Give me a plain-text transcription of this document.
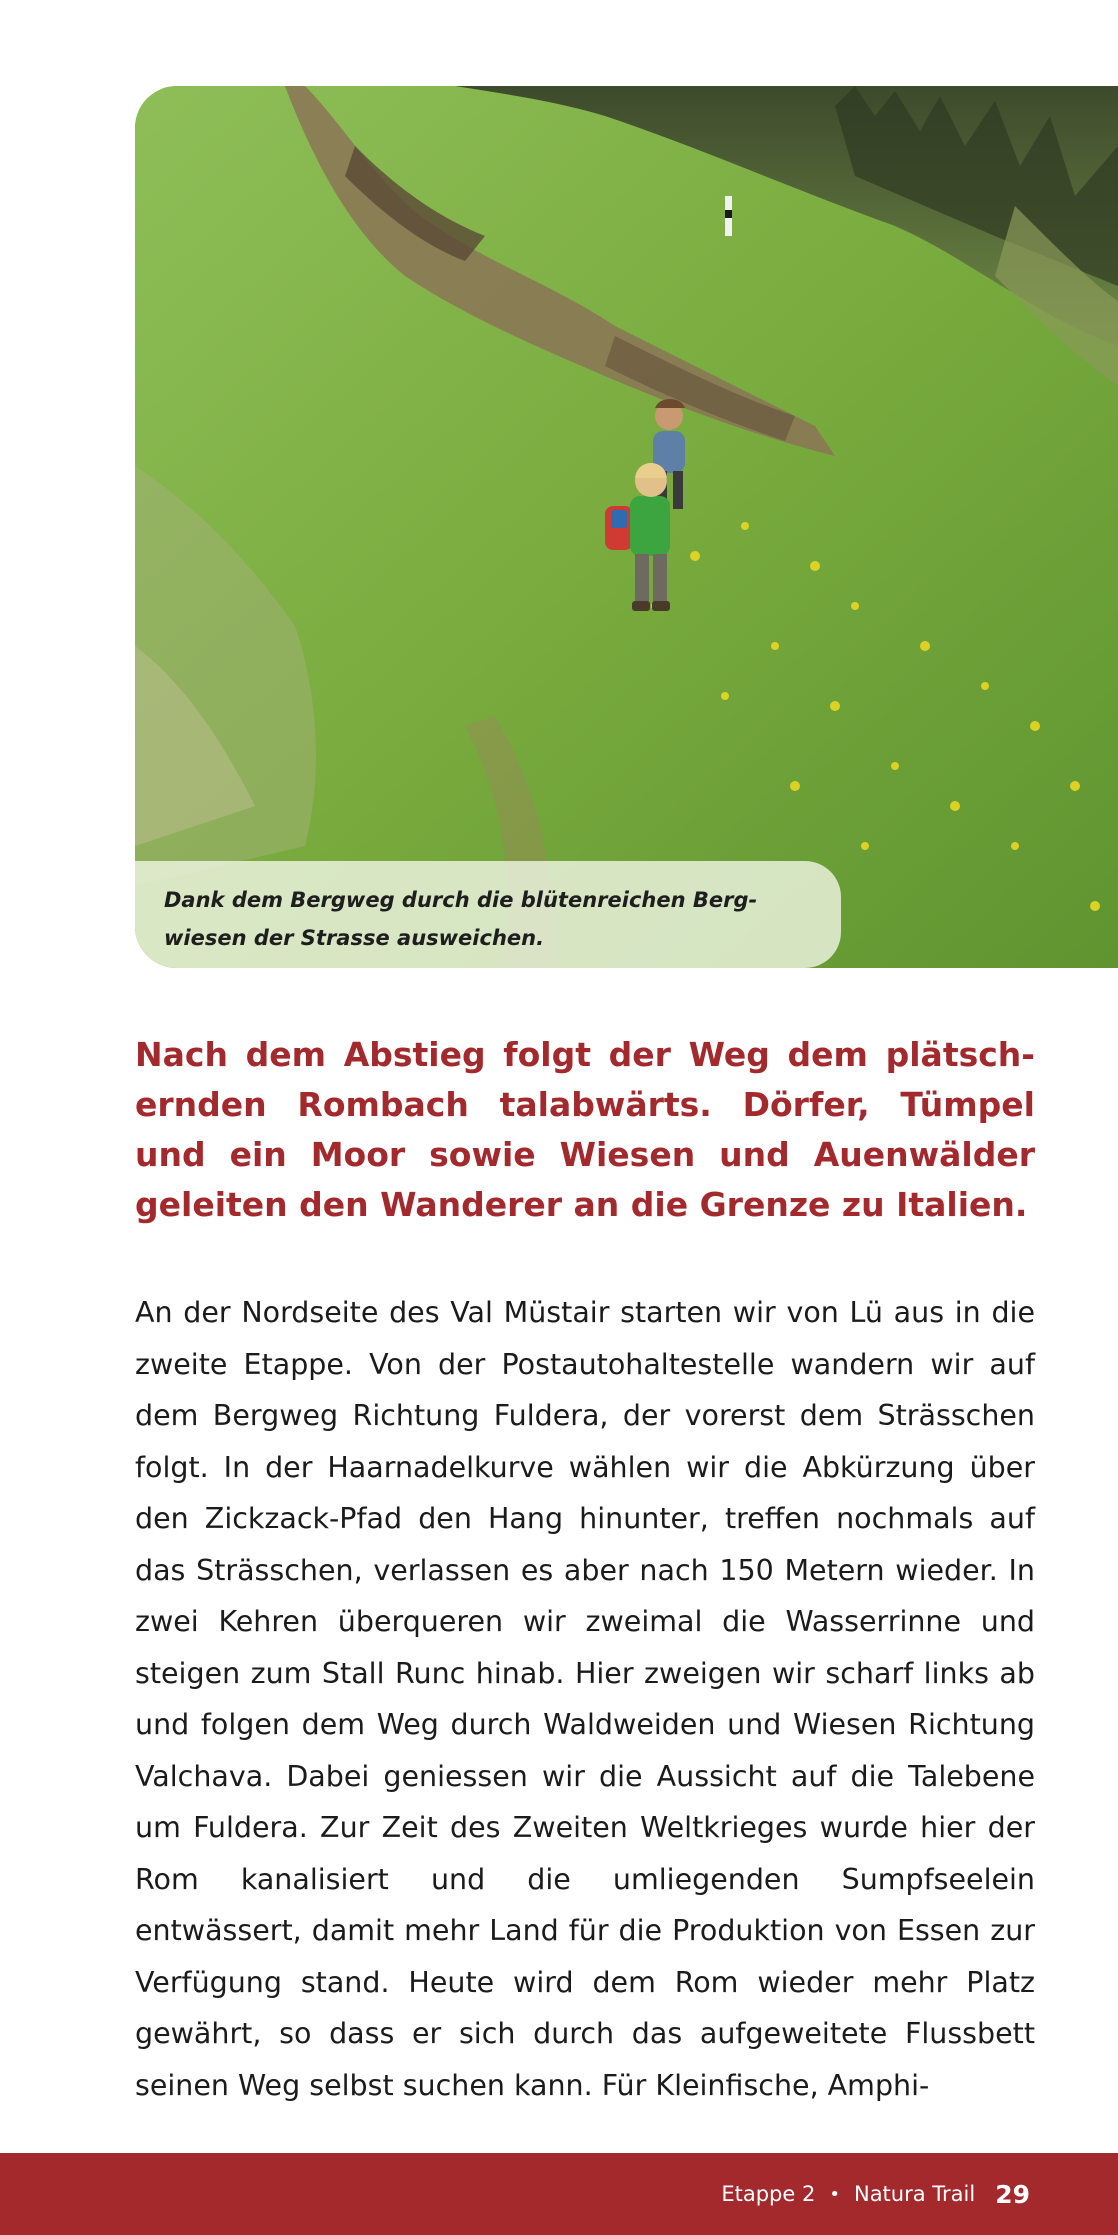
Dank dem Bergweg durch die blütenreichen Berg-
wiesen der Strasse ausweichen.

Nach dem Abstieg folgt der Weg dem plätsch-ernden Rombach talabwärts. Dörfer, Tümpel und ein Moor sowie Wiesen und Auenwälder geleiten den Wanderer an die Grenze zu Italien.

An der Nordseite des Val Müstair starten wir von Lü aus in die zweite Etappe. Von der Postautohaltestelle wandern wir auf dem Bergweg Richtung Fuldera, der vorerst dem Strässchen folgt. In der Haarnadelkurve wählen wir die Abkürzung über den Zickzack-Pfad den Hang hinunter, treffen nochmals auf das Strässchen, verlassen es aber nach 150 Metern wieder. In zwei Kehren überqueren wir zweimal die Wasserrinne und steigen zum Stall Runc hinab. Hier zweigen wir scharf links ab und folgen dem Weg durch Waldweiden und Wiesen Richtung Valchava. Dabei geniessen wir die Aussicht auf die Talebene um Fuldera. Zur Zeit des Zweiten Weltkrieges wurde hier der Rom kanalisiert und die umliegenden Sumpfseelein entwässert, damit mehr Land für die Produktion von Essen zur Verfügung stand. Heute wird dem Rom wieder mehr Platz gewährt, so dass er sich durch das aufgeweitete Flussbett seinen Weg selbst suchen kann. Für Kleinfische, Amphi-

Etappe 2 • Natura Trail 29
